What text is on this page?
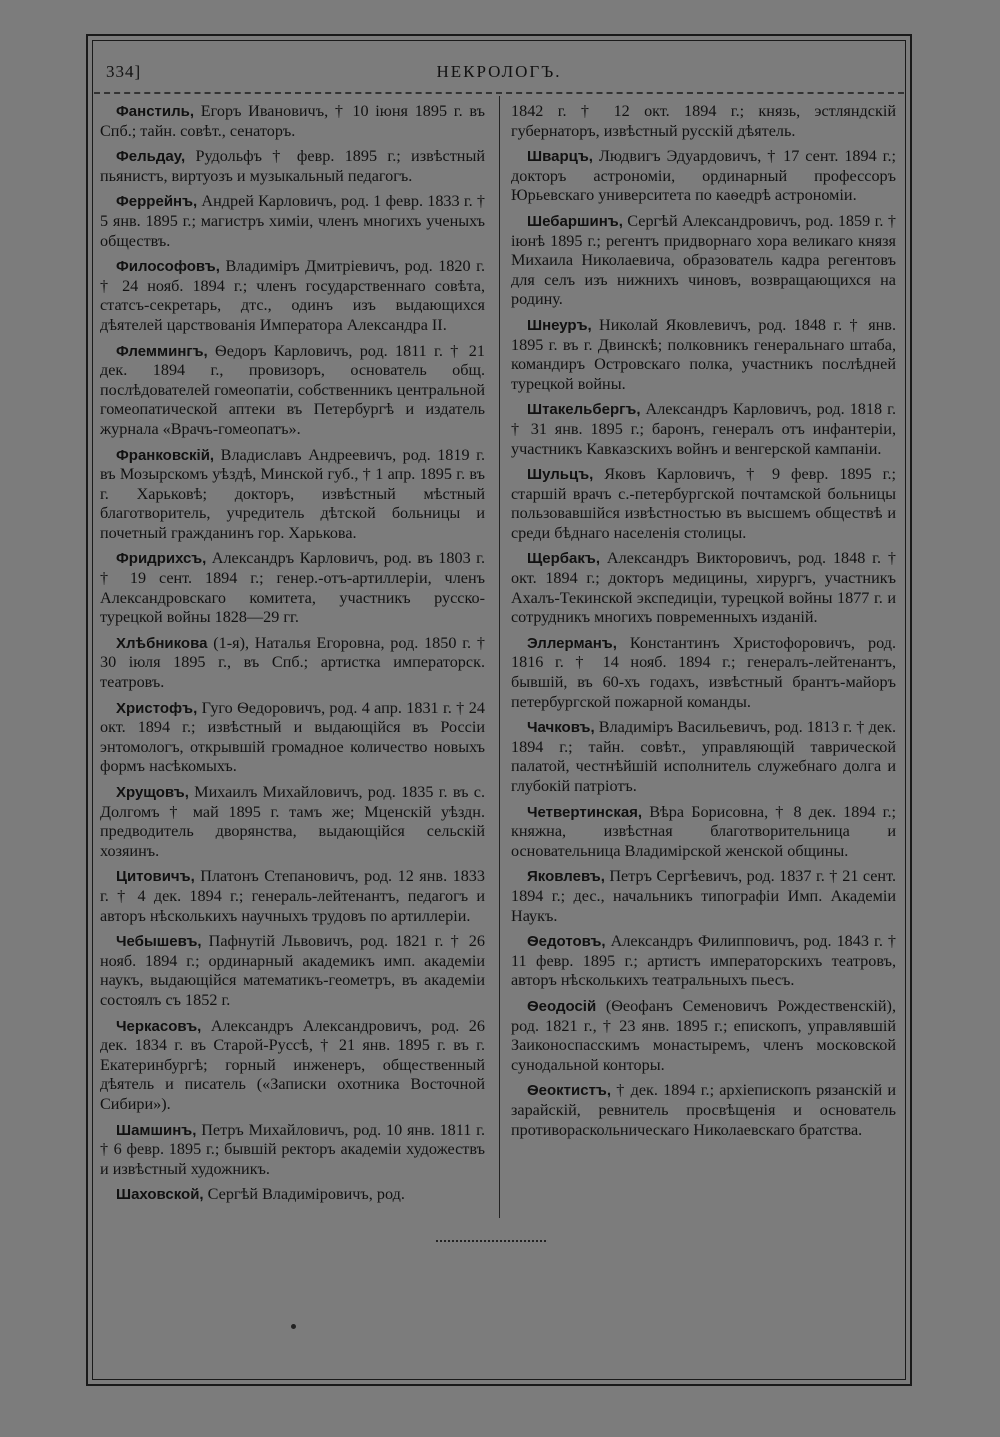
334]	НЕКРОЛОГЪ.

Фанстиль, Егоръ Ивановичъ, † 10 іюня 1895 г. въ Спб.; тайн. совѣт., сенаторъ.

Фельдау, Рудольфъ † февр. 1895 г.; извѣстный пьянистъ, виртуозъ и музыкальный педагогъ.

Феррейнъ, Андрей Карловичъ, род. 1 февр. 1833 г. † 5 янв. 1895 г.; магистръ химіи, членъ многихъ ученыхъ обществъ.

Философовъ, Владиміръ Дмитріевичъ, род. 1820 г. † 24 нояб. 1894 г.; членъ государственнаго совѣта, статсъ-секретарь, дтс., одинъ изъ выдающихся дѣятелей царствованія Императора Александра II.

Флеммингъ, Ѳедоръ Карловичъ, род. 1811 г. † 21 дек. 1894 г., провизоръ, основатель общ. послѣдователей гомеопатіи, собственникъ центральной гомеопатической аптеки въ Петербургѣ и издатель журнала «Врачъ-гомеопатъ».

Франковскій, Владиславъ Андреевичъ, род. 1819 г. въ Мозырскомъ уѣздѣ, Минской губ., † 1 апр. 1895 г. въ г. Харьковѣ; докторъ, извѣстный мѣстный благотворитель, учредитель дѣтской больницы и почетный гражданинъ гор. Харькова.

Фридрихсъ, Александръ Карловичъ, род. въ 1803 г. † 19 сент. 1894 г.; генер.-отъ-артиллеріи, членъ Александровскаго комитета, участникъ русско-турецкой войны 1828—29 гг.

Хлѣбникова (1-я), Наталья Егоровна, род. 1850 г. † 30 іюля 1895 г., въ Спб.; артистка императорск. театровъ.

Христофъ, Гуго Ѳедоровичъ, род. 4 апр. 1831 г. † 24 окт. 1894 г.; извѣстный и выдающійся въ Россіи энтомологъ, открывшій громадное количество новыхъ формъ насѣкомыхъ.

Хрущовъ, Михаилъ Михайловичъ, род. 1835 г. въ с. Долгомъ † май 1895 г. тамъ же; Мценскій уѣздн. предводитель дворянства, выдающійся сельскій хозяинъ.

Цитовичъ, Платонъ Степановичъ, род. 12 янв. 1833 г. † 4 дек. 1894 г.; генераль-лейтенантъ, педагогъ и авторъ нѣсколькихъ научныхъ трудовъ по артиллеріи.

Чебышевъ, Пафнутій Львовичъ, род. 1821 г. † 26 нояб. 1894 г.; ординарный академикъ имп. академіи наукъ, выдающійся математикъ-геометръ, въ академіи состоялъ съ 1852 г.

Черкасовъ, Александръ Александровичъ, род. 26 дек. 1834 г. въ Старой-Руссѣ, † 21 янв. 1895 г. въ г. Екатеринбургѣ; горный инженеръ, общественный дѣятель и писатель («Записки охотника Восточной Сибири»).

Шамшинъ, Петръ Михайловичъ, род. 10 янв. 1811 г. † 6 февр. 1895 г.; бывшій ректоръ академіи художествъ и извѣстный художникъ.

Шаховской, Сергѣй Владиміровичъ, род.

1842 г. † 12 окт. 1894 г.; князь, эстляндскій губернаторъ, извѣстный русскій дѣятель.

Шварцъ, Людвигъ Эдуардовичъ, † 17 сент. 1894 г.; докторъ астрономіи, ординарный профессоръ Юрьевскаго университета по каѳедрѣ астрономіи.

Шебаршинъ, Сергѣй Александровичъ, род. 1859 г. † іюнѣ 1895 г.; регентъ придворнаго хора великаго князя Михаила Николаевича, образователь кадра регентовъ для селъ изъ нижнихъ чиновъ, возвращающихся на родину.

Шнеуръ, Николай Яковлевичъ, род. 1848 г. † янв. 1895 г. въ г. Двинскѣ; полковникъ генеральнаго штаба, командиръ Островскаго полка, участникъ послѣдней турецкой войны.

Штакельбергъ, Александръ Карловичъ, род. 1818 г. † 31 янв. 1895 г.; баронъ, генералъ отъ инфантеріи, участникъ Кавказскихъ войнъ и венгерской кампаніи.

Шульцъ, Яковъ Карловичъ, † 9 февр. 1895 г.; старшій врачъ с.-петербургской почтамской больницы пользовавшійся извѣстностью въ высшемъ обществѣ и среди бѣднаго населенія столицы.

Щербакъ, Александръ Викторовичъ, род. 1848 г. † окт. 1894 г.; докторъ медицины, хирургъ, участникъ Ахалъ-Текинской экспедиціи, турецкой войны 1877 г. и сотрудникъ многихъ повременныхъ изданій.

Эллерманъ, Константинъ Христофоровичъ, род. 1816 г. † 14 нояб. 1894 г.; генералъ-лейтенантъ, бывшій, въ 60-хъ годахъ, извѣстный брантъ-майоръ петербургской пожарной команды.

Чачковъ, Владиміръ Васильевичъ, род. 1813 г. † дек. 1894 г.; тайн. совѣт., управляющій таврической палатой, честнѣйшій исполнитель служебнаго долга и глубокій патріотъ.

Четвертинская, Вѣра Борисовна, † 8 дек. 1894 г.; княжна, извѣстная благотворительница и основательница Владимірской женской общины.

Яковлевъ, Петръ Сергѣевичъ, род. 1837 г. † 21 сент. 1894 г.; дес., начальникъ типографіи Имп. Академіи Наукъ.

Ѳедотовъ, Александръ Филипповичъ, род. 1843 г. † 11 февр. 1895 г.; артистъ императорскихъ театровъ, авторъ нѣсколькихъ театральныхъ пьесъ.

Ѳеодосій (Ѳеофанъ Семеновичъ Рождественскій), род. 1821 г., † 23 янв. 1895 г.; епископъ, управлявшій Заиконоспасскимъ монастыремъ, членъ московской сунодальной конторы.

Ѳеоктистъ, † дек. 1894 г.; архіепископъ рязанскій и зарайскій, ревнитель просвѣщенія и основатель противораскольническаго Николаевскаго братства.
